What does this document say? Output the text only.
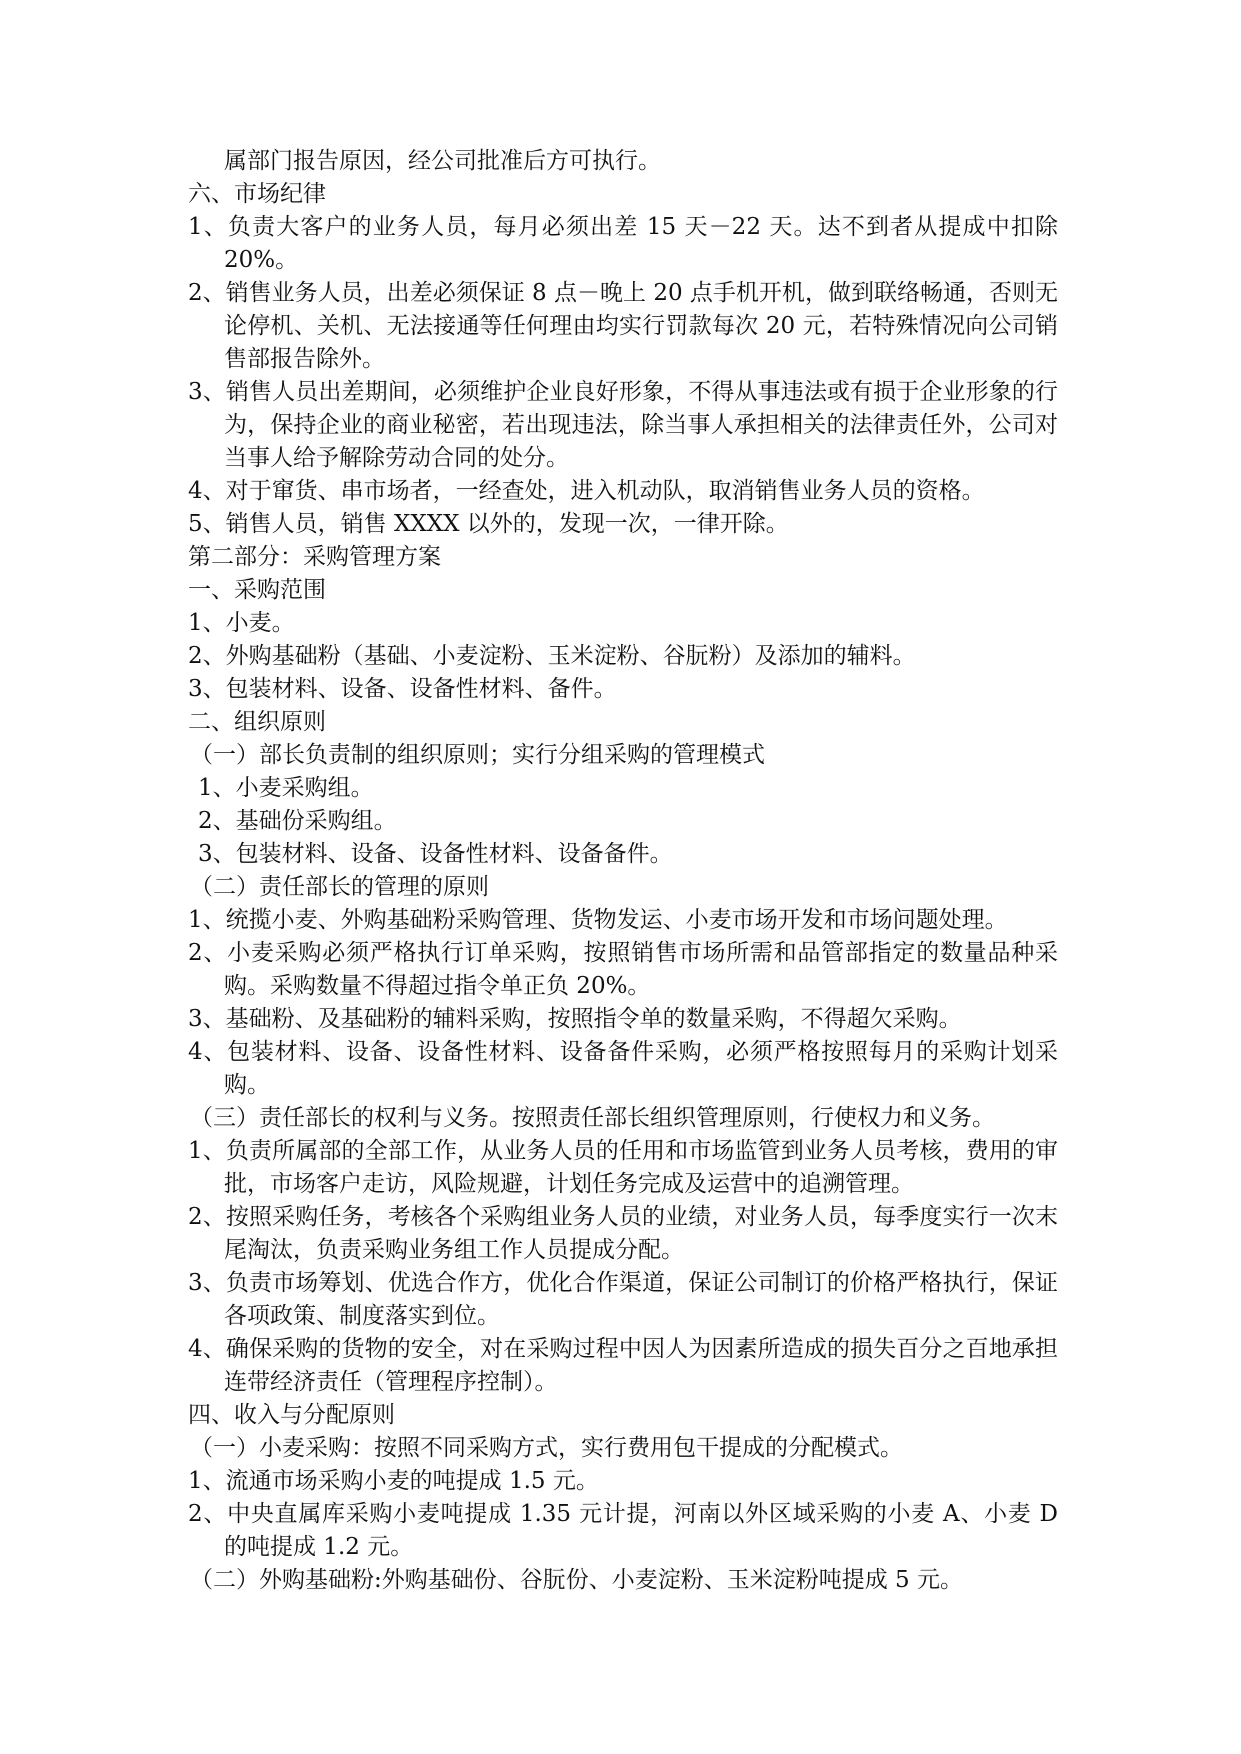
属部门报告原因，经公司批准后方可执行。

六、市场纪律

1、负责大客户的业务人员，每月必须出差 15 天－22 天。达不到者从提成中扣除 20%。

2、销售业务人员，出差必须保证 8 点－晚上 20 点手机开机，做到联络畅通，否则无论停机、关机、无法接通等任何理由均实行罚款每次 20 元，若特殊情况向公司销售部报告除外。

3、销售人员出差期间，必须维护企业良好形象，不得从事违法或有损于企业形象的行为，保持企业的商业秘密，若出现违法，除当事人承担相关的法律责任外，公司对当事人给予解除劳动合同的处分。

4、对于窜货、串市场者，一经查处，进入机动队，取消销售业务人员的资格。

5、销售人员，销售 XXXX 以外的，发现一次，一律开除。

第二部分：采购管理方案

一、采购范围

1、小麦。

2、外购基础粉（基础、小麦淀粉、玉米淀粉、谷朊粉）及添加的辅料。

3、包装材料、设备、设备性材料、备件。

二、组织原则

（一）部长负责制的组织原则；实行分组采购的管理模式

1、小麦采购组。

2、基础份采购组。

3、包装材料、设备、设备性材料、设备备件。

（二）责任部长的管理的原则

1、统揽小麦、外购基础粉采购管理、货物发运、小麦市场开发和市场问题处理。

2、小麦采购必须严格执行订单采购，按照销售市场所需和品管部指定的数量品种采购。采购数量不得超过指令单正负 20%。

3、基础粉、及基础粉的辅料采购，按照指令单的数量采购，不得超欠采购。

4、包装材料、设备、设备性材料、设备备件采购，必须严格按照每月的采购计划采购。

（三）责任部长的权利与义务。按照责任部长组织管理原则，行使权力和义务。

1、负责所属部的全部工作，从业务人员的任用和市场监管到业务人员考核，费用的审批，市场客户走访，风险规避，计划任务完成及运营中的追溯管理。

2、按照采购任务，考核各个采购组业务人员的业绩，对业务人员，每季度实行一次末尾淘汰，负责采购业务组工作人员提成分配。

3、负责市场筹划、优选合作方，优化合作渠道，保证公司制订的价格严格执行，保证各项政策、制度落实到位。

4、确保采购的货物的安全，对在采购过程中因人为因素所造成的损失百分之百地承担连带经济责任（管理程序控制）。

四、收入与分配原则

（一）小麦采购：按照不同采购方式，实行费用包干提成的分配模式。

1、流通市场采购小麦的吨提成 1.5 元。

2、中央直属库采购小麦吨提成 1.35 元计提，河南以外区域采购的小麦 A、小麦 D 的吨提成 1.2 元。

（二）外购基础粉:外购基础份、谷朊份、小麦淀粉、玉米淀粉吨提成 5 元。
